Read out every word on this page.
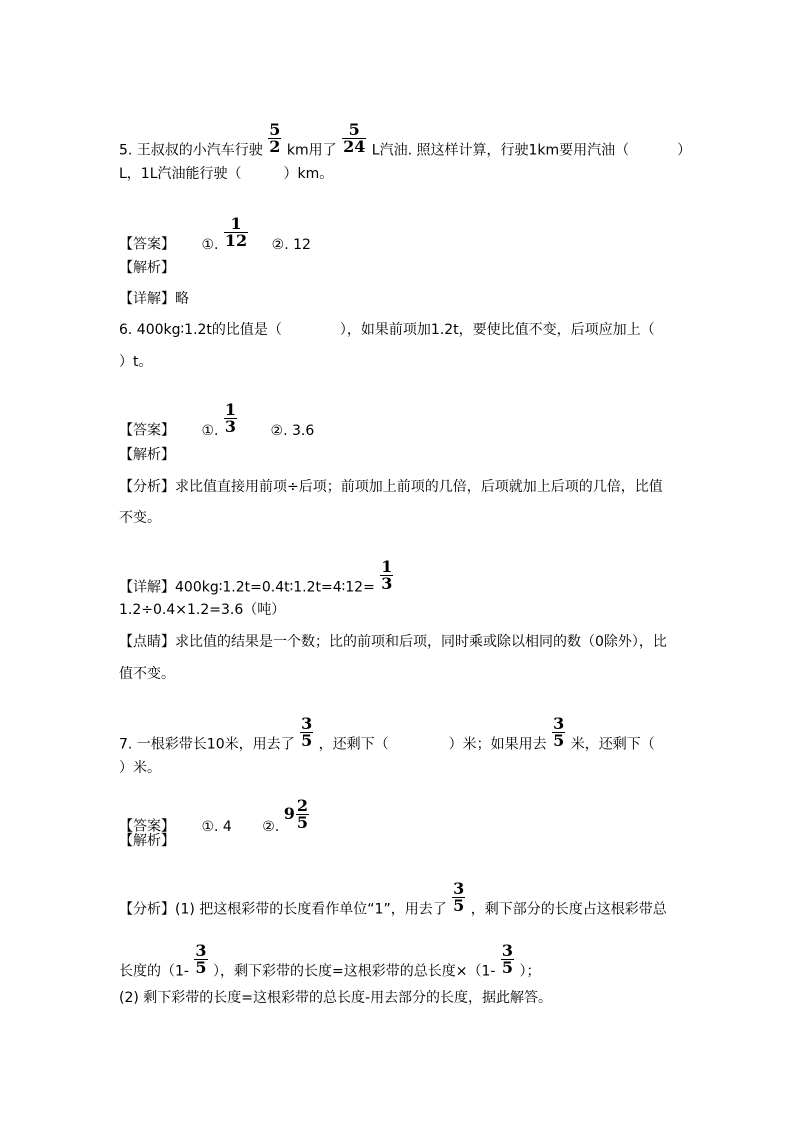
5. 王叔叔的小汽车行驶 $\frac{5}{2}$ km用了 $\frac{5}{24}$ L汽油. 照这样计算，行驶1km要用汽油（	）
L，1L汽油能行驶（	）km。
【答案】 ①. $\frac{1}{12}$ ②. 12
【解析】
【详解】略
6. 400kg∶1.2t的比值是（	），如果前项加1.2t，要使比值不变，后项应加上（
）t。
【答案】 ①. $\frac{1}{3}$ ②. 3.6
【解析】
【分析】求比值直接用前项÷后项；前项加上前项的几倍，后项就加上后项的几倍，比值
不变。
【详解】400kg∶1.2t=0.4t∶1.2t=4∶12= $\frac{1}{3}$
1.2÷0.4×1.2=3.6（吨）
【点睛】求比值的结果是一个数；比的前项和后项，同时乘或除以相同的数（0除外），比
值不变。
7. 一根彩带长10米，用去了 $\frac{3}{5}$ ，还剩下（	）米；如果用去 $\frac{3}{5}$ 米，还剩下（
）米。
【答案】 ①. 4 ②. $9 \frac{2}{5}$
【解析】
【分析】(1) 把这根彩带的长度看作单位“1”，用去了 $\frac{3}{5}$ ，剩下部分的长度占这根彩带总
长度的（$1- \frac{3}{5}$ ），剩下彩带的长度=这根彩带的总长度$\times(1- \frac{3}{5}$ ）；
(2) 剩下彩带的长度=这根彩带的总长度-用去部分的长度，据此解答。
